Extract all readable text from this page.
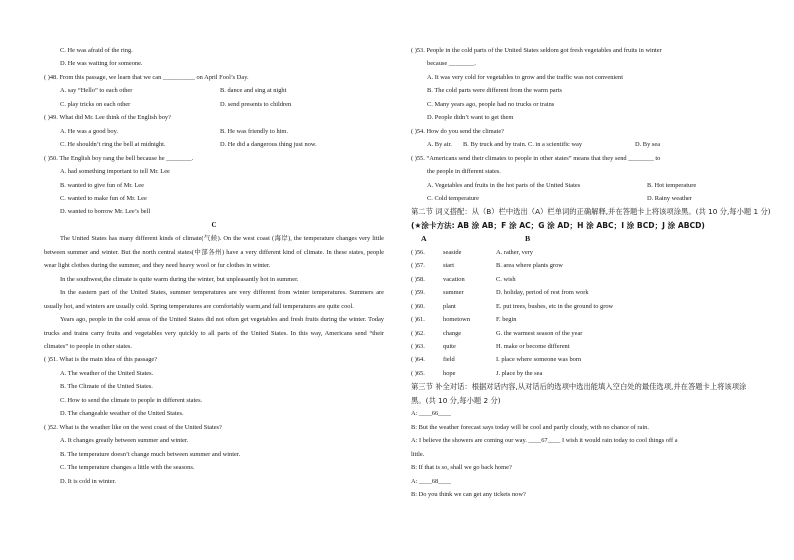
C. He was afraid of the ring.
D. He was waiting for someone.
( )48. From this passage, we learn that we can __________ on April Fool’s Day.
A. say “Hello” to each other	B. dance and sing at night
C. play tricks on each other	D. send presents to children
( )49. What did Mr. Lee think of the English boy?
A. He was a good boy.	B. He was friendly to him.
C. He shouldn’t ring the bell at midnight.	D. He did a dangerous thing just now.
( )50. The English boy rang the bell because he ________.
A. had something important to tell Mr. Lee
B. wanted to give fun of Mr. Lee
C. wanted to make fun of Mr. Lee
D. wanted to borrow Mr. Lee’s bell
C
The United States has many different kinds of climate(气候). On the west coast (海岸), the temperature changes very little between summer and winter. But the north central states(中部各州) have a very different kind of climate. In these states, people wear light clothes during the summer, and they need heavy wool or fur clothes in winter.
In the southwest,the climate is quite warm during the winter, but unpleasantly hot in summer.
In the eastern part of the United States, summer temperatures are very different from winter temperatures. Summers are usually hot, and winters are usually cold. Spring temperatures are comfortably warm,and fall temperatures are quite cool.
Years ago, people in the cold areas of the United States did not often get vegetables and fresh fruits during the winter. Today trucks and trains carry fruits and vegetables very quickly to all parts of the United States. In this way, Americans send “their climates” to people in other states.
( )51. What is the main idea of this passage?
A. The weather of the United States.
B. The Climate of the United States.
C. How to send the climate to people in different states.
D. The changeable weather of the United States.
( )52. What is the weather like on the west coast of the United States?
A. It changes greatly between summer and winter.
B. The temperature doesn’t change much between summer and winter.
C. The temperature changes a little with the seasons.
D. It is cold in winter.
( )53. People in the cold parts of the United States seldom got fresh vegetables and fruits in winter
because ________.
A. It was very cold for vegetables to grow and the traffic was not convenient
B. The cold parts were different from the warm parts
C. Many years ago, people had no trucks or trains
D. People didn’t want to get them
( )54. How do you send the climate?
A. By air. B. By truck and by train. C. in a scientific way	D. By sea
( )55. “Americans send their climates to people in other states” means that they send ________ to
the people in different states.
A. Vegetables and fruits in the hot parts of the United States	B. Hot temperature
C. Cold temperature	D. Rainy weather
第二节 词义搭配：从（B）栏中选出（A）栏单词的正确解释,并在答题卡上将该项涂黑。(共 10 分,每小题 1 分)
(★涂卡方法: AB 涂 AB；F 涂 AC；G 涂 AD；H 涂 ABC；I 涂 BCD；J 涂 ABCD)
A	B
( )56.	seaside	A. rather, very
( )57.	start	B. area where plants grow
( )58.	vacation	C. wish
( )59.	summer	D. holiday, period of rest from work
( )60.	plant	E. put trees, bushes, etc in the ground to grow
( )61.	hometown	F. begin
( )62.	change	G. the warmest season of the year
( )63.	quite	H. make or become different
( )64.	field	I. place where someone was born
( )65.	hope	J. place by the sea
第三节 补全对话：根据对话内容,从对话后的选项中选出能填入空白处的最佳选项,并在答题卡上将该项涂黑。(共 10 分,每小题 2 分)
A: ____66____
B: But the weather forecast says today will be cool and partly cloudy, with no chance of rain.
A: I believe the showers are coming our way. ____67____ I wish it would rain today to cool things off a
little.
B: If that is so, shall we go back home?
A: ____68____
B: Do you think we can get any tickets now?
